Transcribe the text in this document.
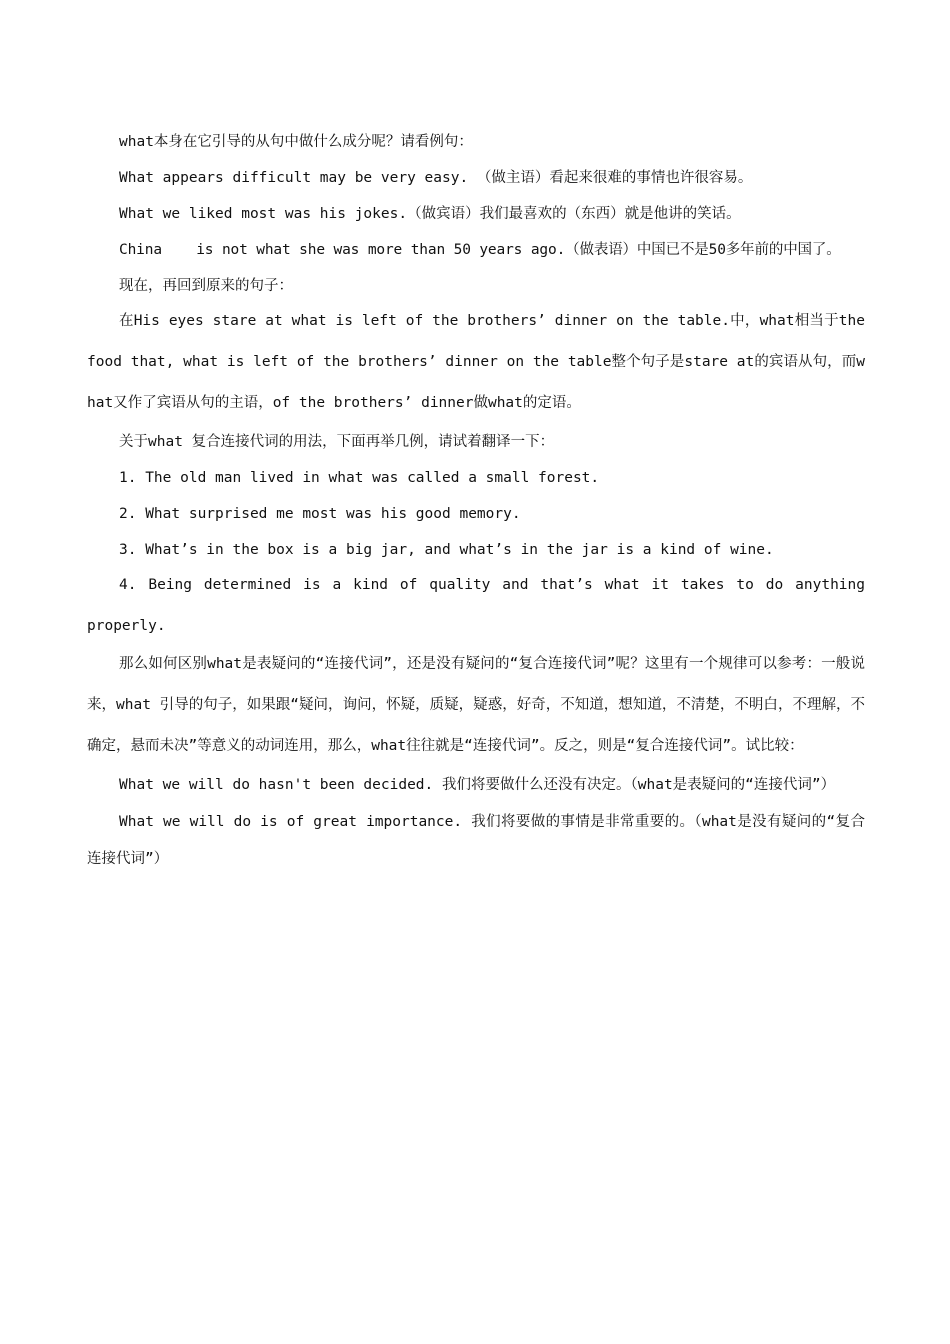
what本身在它引导的从句中做什么成分呢？请看例句：

What appears difficult may be very easy. （做主语）看起来很难的事情也许很容易。

What we liked most was his jokes.（做宾语）我们最喜欢的（东西）就是他讲的笑话。

China    is not what she was more than 50 years ago.（做表语）中国已不是50多年前的中国了。

现在，再回到原来的句子：

在His eyes stare at what is left of the brothers’ dinner on the table.中，what相当于the food that, what is left of the brothers’ dinner on the table整个句子是stare at的宾语从句，而what又作了宾语从句的主语，of the brothers’ dinner做what的定语。

关于what 复合连接代词的用法，下面再举几例，请试着翻译一下：

1. The old man lived in what was called a small forest.

2. What surprised me most was his good memory.

3. What’s in the box is a big jar, and what’s in the jar is a kind of wine.

4. Being determined is a kind of quality and that’s what it takes to do anything properly.

那么如何区别what是表疑问的“连接代词”，还是没有疑问的“复合连接代词”呢？这里有一个规律可以参考：一般说来，what 引导的句子，如果跟“疑问，询问，怀疑，质疑，疑惑，好奇，不知道，想知道，不清楚，不明白，不理解，不确定，悬而未决”等意义的动词连用，那么，what往往就是“连接代词”。反之，则是“复合连接代词”。试比较：

What we will do hasn't been decided. 我们将要做什么还没有决定。（what是表疑问的“连接代词”）

What we will do is of great importance. 我们将要做的事情是非常重要的。（what是没有疑问的“复合连接代词”）
